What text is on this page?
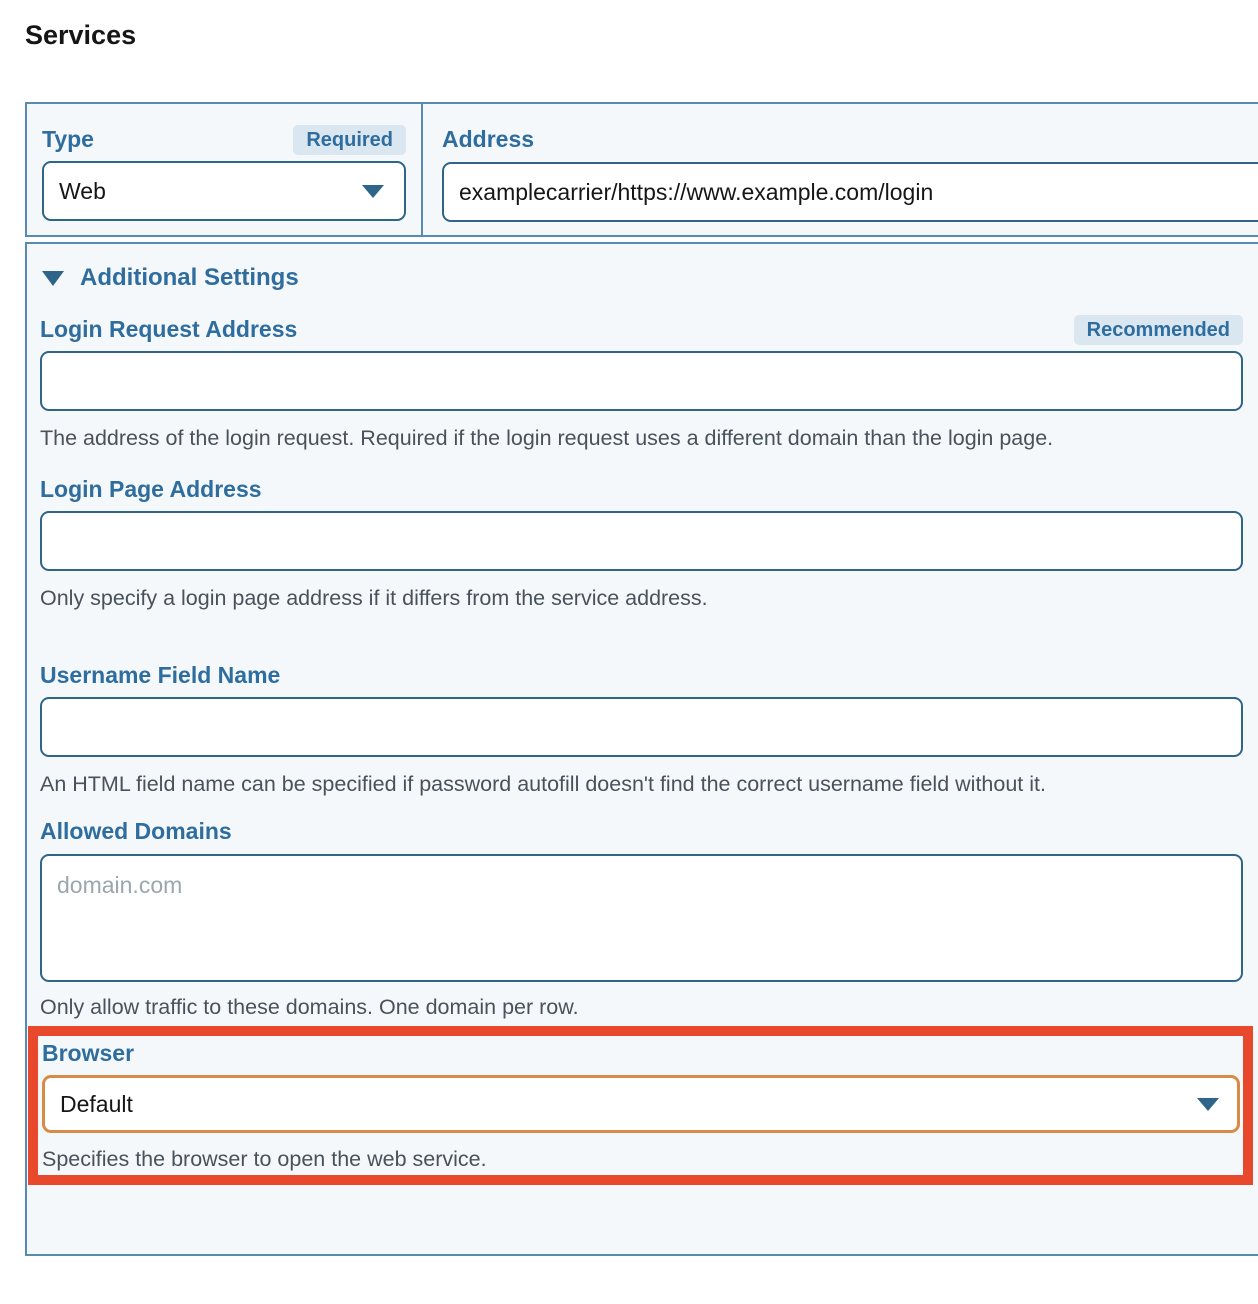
Services
Type	Required
Web
Address
examplecarrier/https://www.example.com/login
Additional Settings
Login Request Address	Recommended
The address of the login request. Required if the login request uses a different domain than the login page.
Login Page Address
Only specify a login page address if it differs from the service address.
Username Field Name
An HTML field name can be specified if password autofill doesn't find the correct username field without it.
Allowed Domains
domain.com
Only allow traffic to these domains. One domain per row.
Browser
Default
Specifies the browser to open the web service.
